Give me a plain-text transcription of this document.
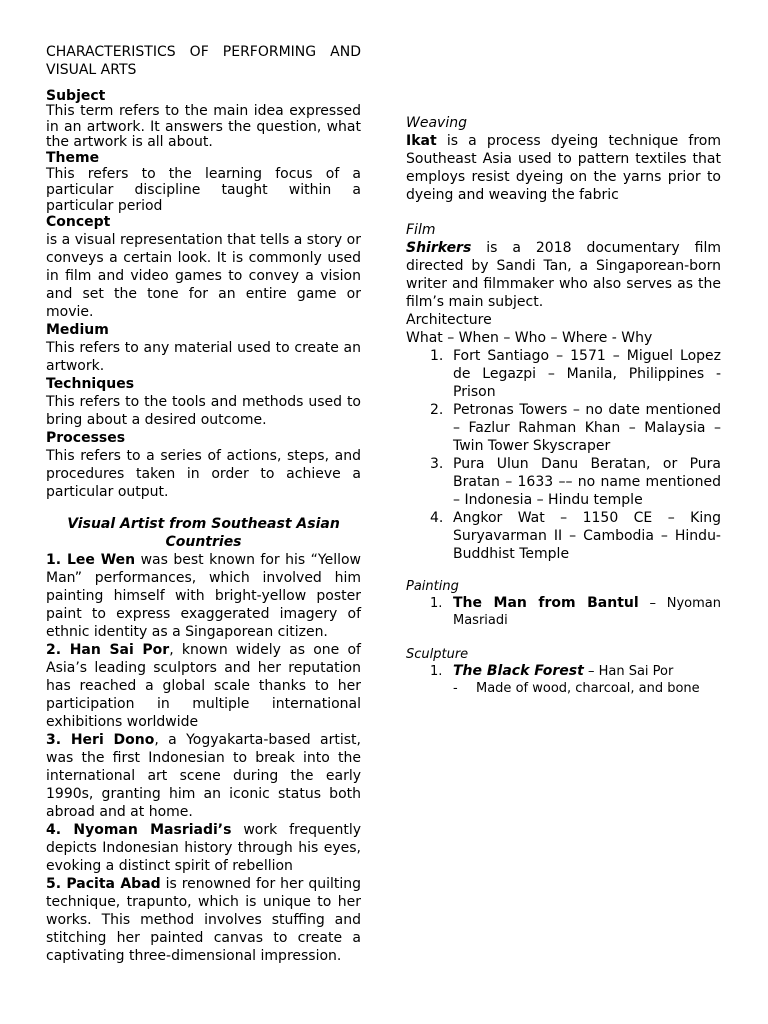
CHARACTERISTICS OF PERFORMING AND VISUAL ARTS

Subject

This term refers to the main idea expressed in an artwork. It answers the question, what the artwork is all about.

Theme

This refers to the learning focus of a particular discipline taught within a particular period

Concept

is a visual representation that tells a story or conveys a certain look. It is commonly used in film and video games to convey a vision and set the tone for an entire game or movie.

Medium

This refers to any material used to create an artwork.

Techniques

This refers to the tools and methods used to bring about a desired outcome.

Processes

This refers to a series of actions, steps, and procedures taken in order to achieve a particular output.

Visual Artist from Southeast Asian Countries

1. Lee Wen was best known for his “Yellow Man” performances, which involved him painting himself with bright-yellow poster paint to express exaggerated imagery of ethnic identity as a Singaporean citizen.

2. Han Sai Por, known widely as one of Asia’s leading sculptors and her reputation has reached a global scale thanks to her participation in multiple international exhibitions worldwide

3. Heri Dono, a Yogyakarta-based artist, was the first Indonesian to break into the international art scene during the early 1990s, granting him an iconic status both abroad and at home.

4. Nyoman Masriadi’s work frequently depicts Indonesian history through his eyes, evoking a distinct spirit of rebellion

5. Pacita Abad is renowned for her quilting technique, trapunto, which is unique to her works. This method involves stuffing and stitching her painted canvas to create a captivating three-dimensional impression.

Weaving

Ikat is a process dyeing technique from Southeast Asia used to pattern textiles that employs resist dyeing on the yarns prior to dyeing and weaving the fabric

Film

Shirkers is a 2018 documentary film directed by Sandi Tan, a Singaporean-born writer and filmmaker who also serves as the film’s main subject.

Architecture

What – When – Who – Where - Why

1. Fort Santiago – 1571 – Miguel Lopez de Legazpi – Manila, Philippines - Prison
2. Petronas Towers – no date mentioned – Fazlur Rahman Khan – Malaysia – Twin Tower Skyscraper
3. Pura Ulun Danu Beratan, or Pura Bratan – 1633 –– no name mentioned – Indonesia – Hindu temple
4. Angkor Wat – 1150 CE – King Suryavarman II – Cambodia – Hindu-Buddhist Temple

Painting

1. The Man from Bantul – Nyoman Masriadi

Sculpture

1. The Black Forest – Han Sai Por
- Made of wood, charcoal, and bone
